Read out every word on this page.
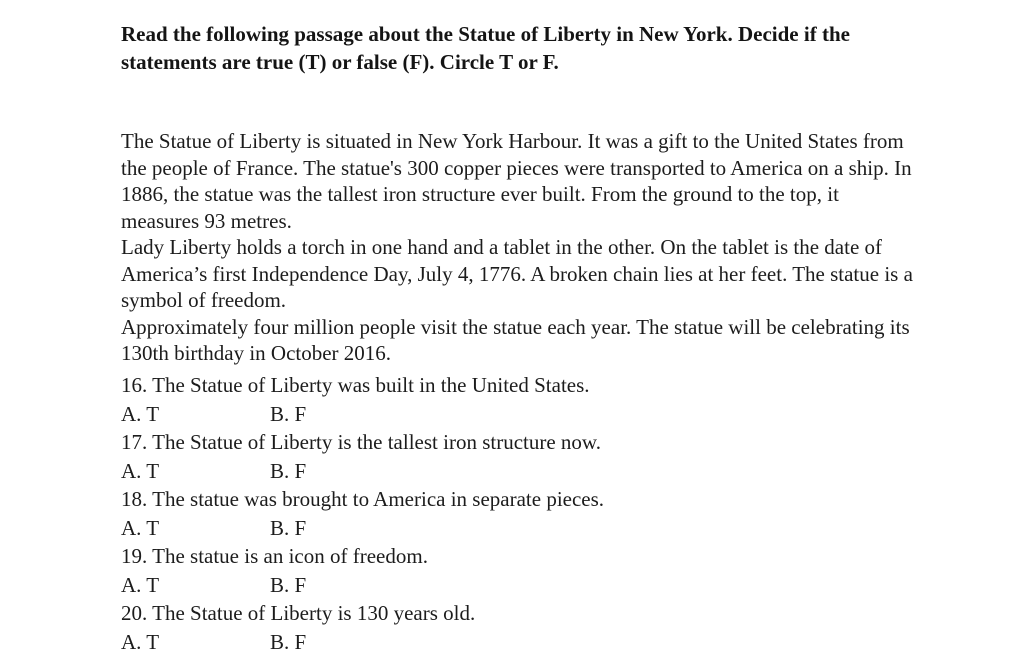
Read the following passage about the Statue of Liberty in New York. Decide if the statements are true (T) or false (F). Circle T or F.

The Statue of Liberty is situated in New York Harbour. It was a gift to the United States from the people of France. The statue's 300 copper pieces were transported to America on a ship. In 1886, the statue was the tallest iron structure ever built. From the ground to the top, it measures 93 metres.

Lady Liberty holds a torch in one hand and a tablet in the other. On the tablet is the date of America’s first Independence Day, July 4, 1776. A broken chain lies at her feet. The statue is a symbol of freedom.

Approximately four million people visit the statue each year. The statue will be celebrating its 130th birthday in October 2016.

16. The Statue of Liberty was built in the United States.
A. T	B. F
17. The Statue of Liberty is the tallest iron structure now.
A. T	B. F
18. The statue was brought to America in separate pieces.
A. T	B. F
19. The statue is an icon of freedom.
A. T	B. F
20. The Statue of Liberty is 130 years old.
A. T	B. F
